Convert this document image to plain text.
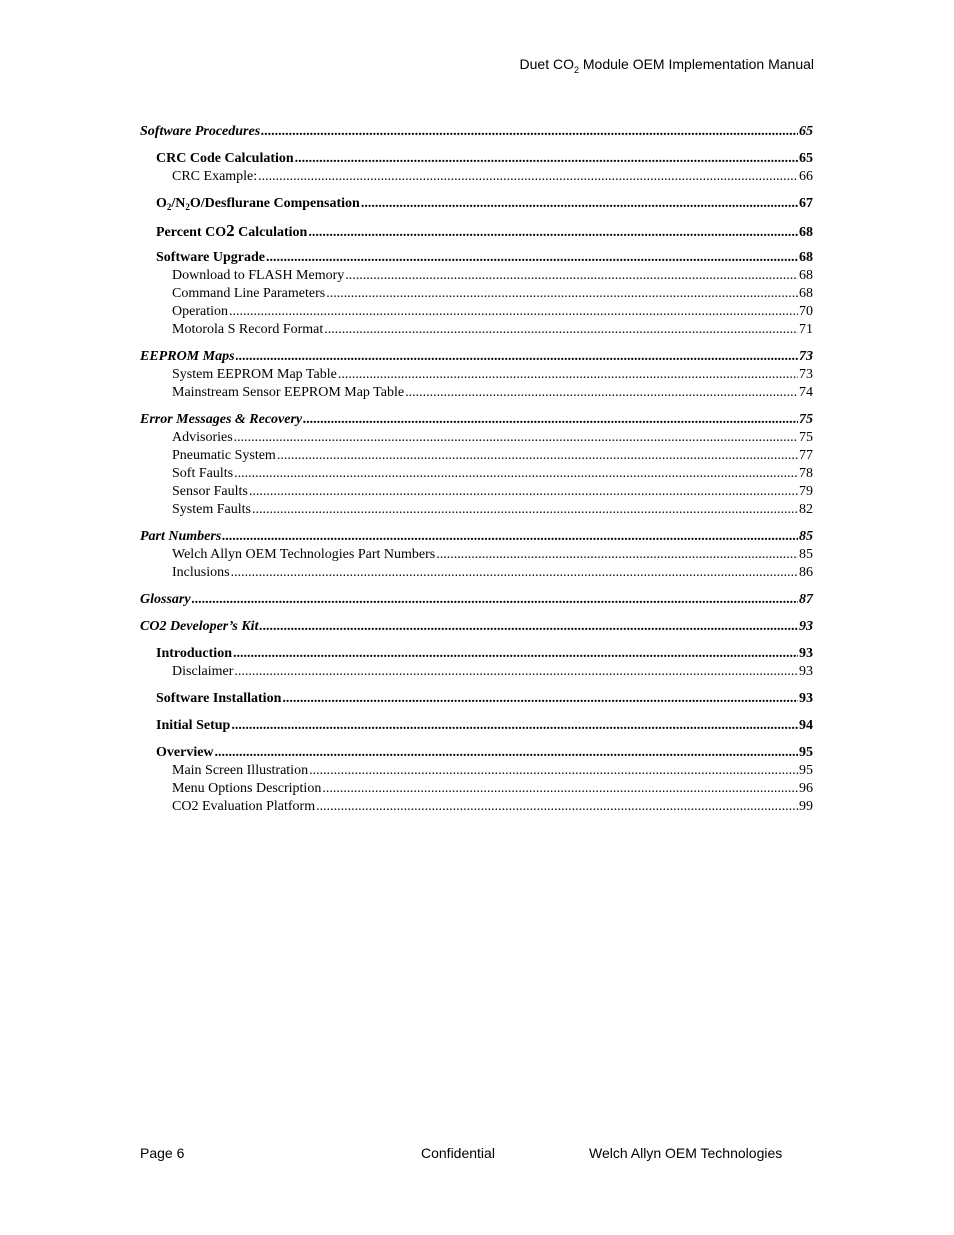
Duet $CO_2$ Module OEM Implementation Manual
Software Procedures .....	65
CRC Code Calculation .....	65
CRC Example: .....	66
$O_2/N_2O$/Desflurane Compensation .....	67
Percent CO2 Calculation .....	68
Software Upgrade .....	68
Download to FLASH Memory .....	68
Command Line Parameters .....	68
Operation .....	70
Motorola S Record Format .....	71
EEPROM Maps .....	73
System EEPROM Map Table .....	73
Mainstream Sensor EEPROM Map Table .....	74
Error Messages & Recovery .....	75
Advisories .....	75
Pneumatic System .....	77
Soft Faults .....	78
Sensor Faults .....	79
System Faults .....	82
Part Numbers .....	85
Welch Allyn OEM Technologies Part Numbers .....	85
Inclusions .....	86
Glossary .....	87
CO2 Developer’s Kit .....	93
Introduction .....	93
Disclaimer .....	93
Software Installation .....	93
Initial Setup .....	94
Overview .....	95
Main Screen Illustration .....	95
Menu Options Description .....	96
CO2 Evaluation Platform .....	99
Page 6	Confidential	Welch Allyn OEM Technologies
